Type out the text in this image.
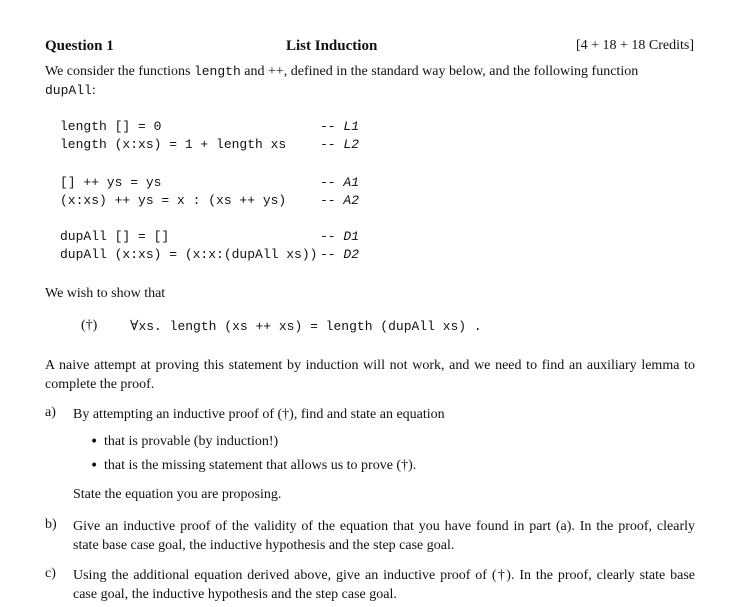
Question 1	List Induction	[4 + 18 + 18 Credits]
We consider the functions length and ++, defined in the standard way below, and the following function
dupAll:
length [] = 0	-- L1
length (x:xs) = 1 + length xs	-- L2
[] ++ ys = ys	-- A1
(x:xs) ++ ys = x : (xs ++ ys)	-- A2
dupAll [] = []	-- D1
dupAll (x:xs) = (x:x:(dupAll xs)) -- D2
We wish to show that
(†) ∀xs. length (xs ++ xs) = length (dupAll xs) .
A naive attempt at proving this statement by induction will not work, and we need to find an auxiliary lemma to complete the proof.
a) By attempting an inductive proof of (†), find and state an equation
• that is provable (by induction!)
• that is the missing statement that allows us to prove (†).
State the equation you are proposing.
b) Give an inductive proof of the validity of the equation that you have found in part (a). In the proof, clearly state base case goal, the inductive hypothesis and the step case goal.
c) Using the additional equation derived above, give an inductive proof of (†). In the proof, clearly state base case goal, the inductive hypothesis and the step case goal.
